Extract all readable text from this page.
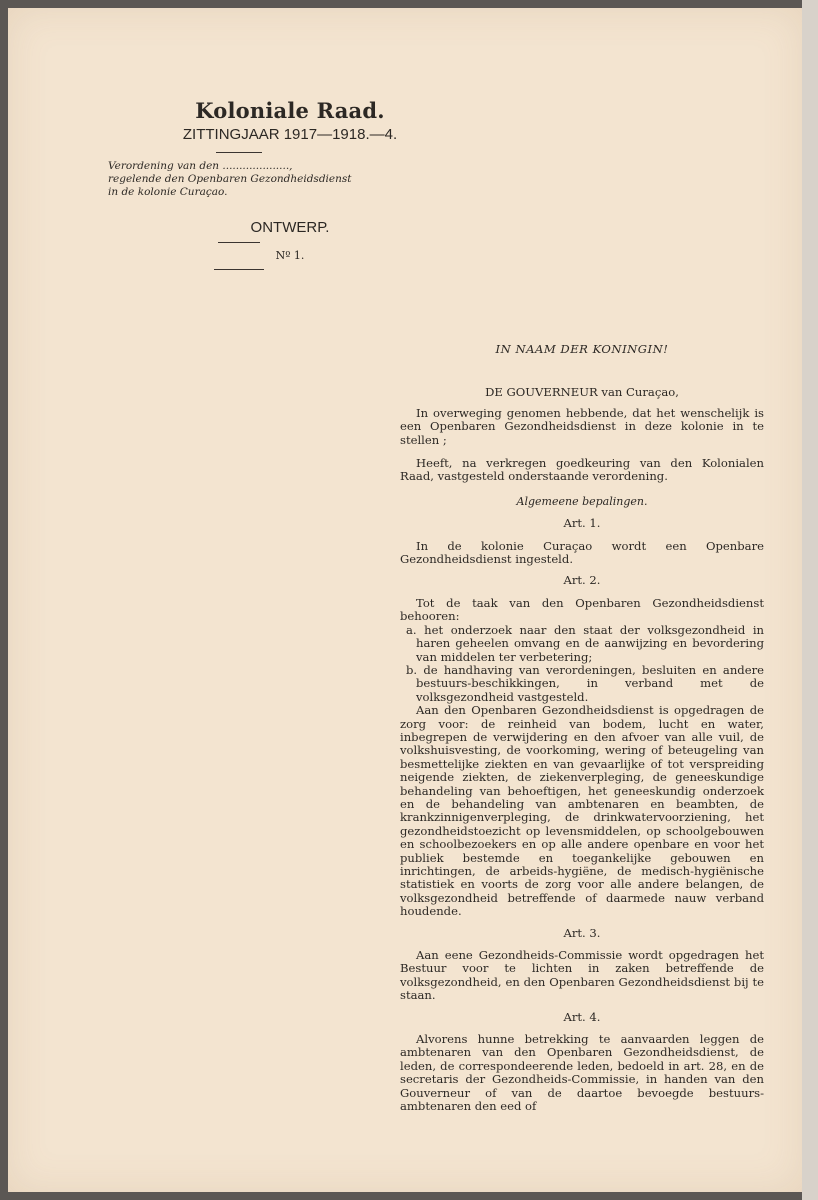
Koloniale Raad.
ZITTINGJAAR 1917—1918.—4.
Verordening van den ....................,
regelende den Openbaren Gezondheidsdienst
in de kolonie Curaçao.
ONTWERP.
Nº 1.
IN NAAM DER KONINGIN!
DE GOUVERNEUR van Curaçao,
In overweging genomen hebbende, dat het wenschelijk is een Openbaren Gezondheidsdienst in deze kolonie in te stellen ;
Heeft, na verkregen goedkeuring van den Kolonialen Raad, vastgesteld onderstaande verordening.
Algemeene bepalingen.
Art. 1.
In de kolonie Curaçao wordt een Openbare Gezondheidsdienst ingesteld.
Art. 2.
Tot de taak van den Openbaren Gezondheidsdienst behooren:
a. het onderzoek naar den staat der volksgezondheid in haren geheelen omvang en de aanwijzing en bevordering van middelen ter verbetering;
b. de handhaving van verordeningen, besluiten en andere bestuurs-beschikkingen, in verband met de volksgezondheid vastgesteld.
Aan den Openbaren Gezondheidsdienst is opgedragen de zorg voor: de reinheid van bodem, lucht en water, inbegrepen de verwijdering en den afvoer van alle vuil, de volkshuisvesting, de voorkoming, wering of beteugeling van besmettelijke ziekten en van gevaarlijke of tot verspreiding neigende ziekten, de ziekenverpleging, de geneeskundige behandeling van behoeftigen, het geneeskundig onderzoek en de behandeling van ambtenaren en beambten, de krankzinnigenverpleging, de drinkwatervoorziening, het gezondheidstoezicht op levensmiddelen, op schoolgebouwen en schoolbezoekers en op alle andere openbare en voor het publiek bestemde en toegankelijke gebouwen en inrichtingen, de arbeids-hygiëne, de medisch-hygiënische statistiek en voorts de zorg voor alle andere belangen, de volksgezondheid betreffende of daarmede nauw verband houdende.
Art. 3.
Aan eene Gezondheids-Commissie wordt opgedragen het Bestuur voor te lichten in zaken betreffende de volksgezondheid, en den Openbaren Gezondheidsdienst bij te staan.
Art. 4.
Alvorens hunne betrekking te aanvaarden leggen de ambtenaren van den Openbaren Gezondheidsdienst, de leden, de correspondeerende leden, bedoeld in art. 28, en de secretaris der Gezondheids-Commissie, in handen van den Gouverneur of van de daartoe bevoegde bestuurs-ambtenaren den eed of
